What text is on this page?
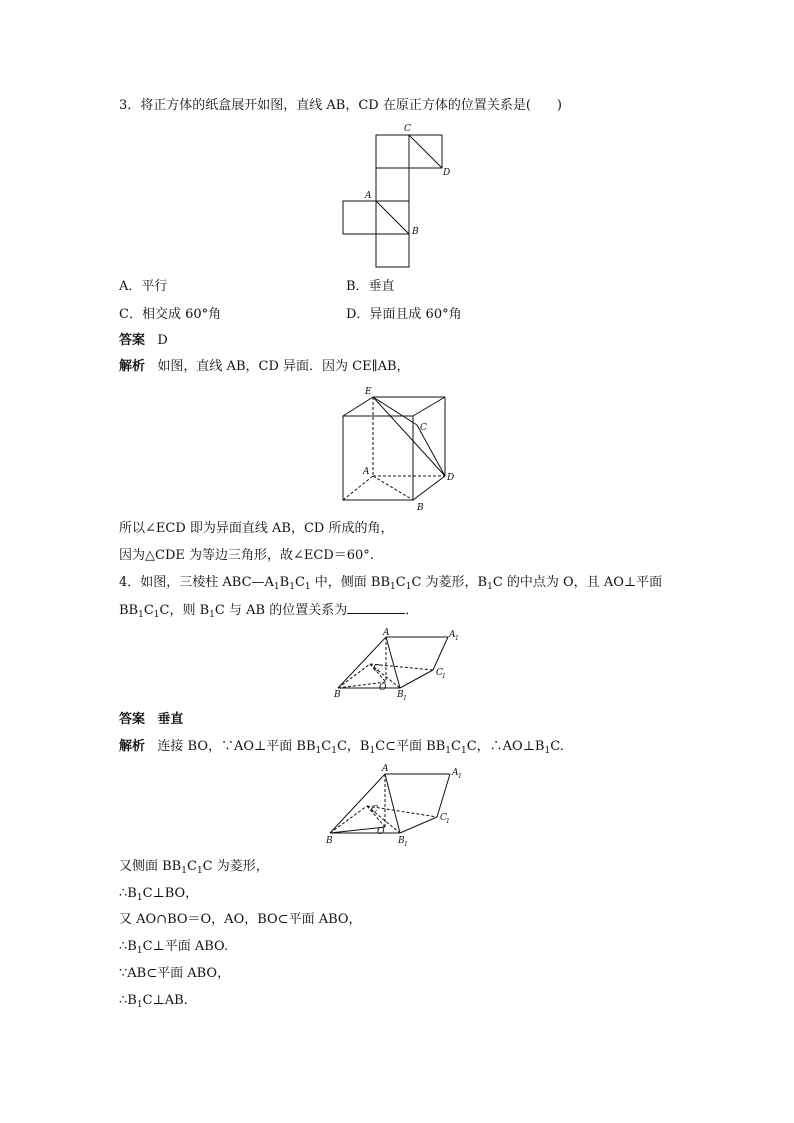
3．将正方体的纸盒展开如图，直线 AB，CD 在原正方体的位置关系是(　　)
C
D
A
B
A．平行	B．垂直
C．相交成 60°角	D．异面且成 60°角
答案 D
解析 如图，直线 AB，CD 异面．因为 CE∥AB，
E
C
A
D
B
所以∠ECD 即为异面直线 AB，CD 所成的角，
因为△CDE 为等边三角形，故∠ECD＝60°.
4．如图，三棱柱 $ABC—A_1B_1C_1$ 中，侧面 $BB_1C_1C$ 为菱形，$B_1C$ 的中点为 O，且 AO⊥平面
$BB_1C_1C$，则 $B_1C$ 与 AB 的位置关系为	．
A	A 1
C	C 1
O
B	B 1
答案 垂直
解析 连接 BO，∵AO⊥平面 $BB_1C_1C$，$B_1C\subset$平面 $BB_1C_1C$，$\therefore AO\perp B_1C$.
A	A 1
C
C 1
O
B	B 1
又侧面 $BB_1C_1C$ 为菱形，
$\therefore B_1C\perp BO$，
又 AO∩BO＝O，AO，BO⊂平面 ABO，
$\therefore B_1C\perp$平面 ABO.
∵AB⊂平面 ABO，
$\therefore B_1C\perp AB$.
